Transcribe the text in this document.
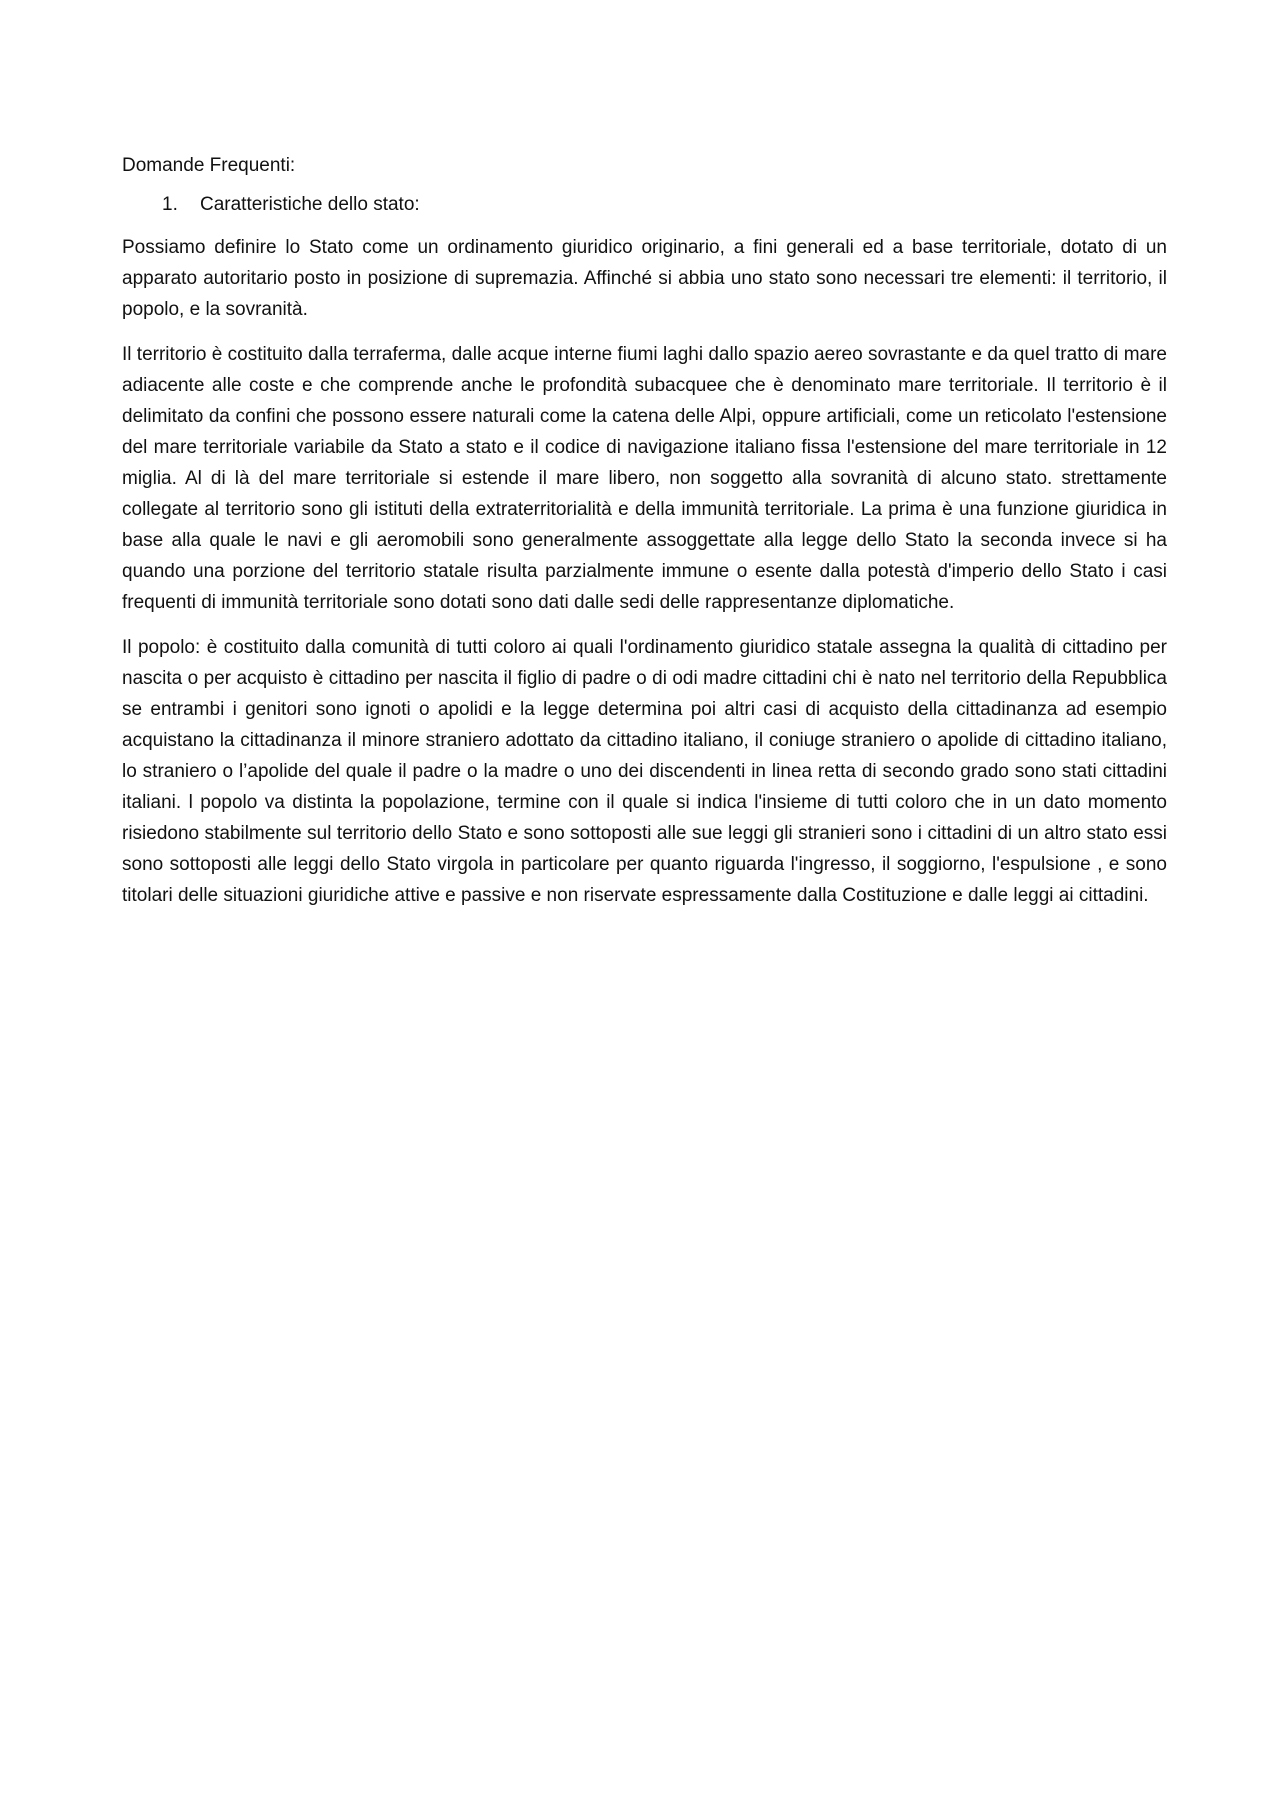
Domande Frequenti:
1. Caratteristiche dello stato:

Possiamo definire lo Stato come un ordinamento giuridico originario, a fini generali ed a base territoriale, dotato di un apparato autoritario posto in posizione di supremazia. Affinché si abbia uno stato sono necessari tre elementi: il territorio, il popolo, e la sovranità.

Il territorio è costituito dalla terraferma, dalle acque interne fiumi laghi dallo spazio aereo sovrastante e da quel tratto di mare adiacente alle coste e che comprende anche le profondità subacquee che è denominato mare territoriale. Il territorio è il delimitato da confini che possono essere naturali come la catena delle Alpi, oppure artificiali, come un reticolato l'estensione del mare territoriale variabile da Stato a stato e il codice di navigazione italiano fissa l'estensione del mare territoriale in 12 miglia. Al di là del mare territoriale si estende il mare libero, non soggetto alla sovranità di alcuno stato. strettamente collegate al territorio sono gli istituti della extraterritorialità e della immunità territoriale. La prima è una funzione giuridica in base alla quale le navi e gli aeromobili sono generalmente assoggettate alla legge dello Stato la seconda invece si ha quando una porzione del territorio statale risulta parzialmente immune o esente dalla potestà d'imperio dello Stato i casi frequenti di immunità territoriale sono dotati sono dati dalle sedi delle rappresentanze diplomatiche.

Il popolo: è costituito dalla comunità di tutti coloro ai quali l'ordinamento giuridico statale assegna la qualità di cittadino per nascita o per acquisto è cittadino per nascita il figlio di padre o di odi madre cittadini chi è nato nel territorio della Repubblica se entrambi i genitori sono ignoti o apolidi e la legge determina poi altri casi di acquisto della cittadinanza ad esempio acquistano la cittadinanza il minore straniero adottato da cittadino italiano, il coniuge straniero o apolide di cittadino italiano, lo straniero o l’apolide del quale il padre o la madre o uno dei discendenti in linea retta di secondo grado sono stati cittadini italiani. l popolo va distinta la popolazione, termine con il quale si indica l'insieme di tutti coloro che in un dato momento risiedono stabilmente sul territorio dello Stato e sono sottoposti alle sue leggi gli stranieri sono i cittadini di un altro stato essi sono sottoposti alle leggi dello Stato virgola in particolare per quanto riguarda l'ingresso, il soggiorno, l'espulsione , e sono titolari delle situazioni giuridiche attive e passive e non riservate espressamente dalla Costituzione e dalle leggi ai cittadini.
